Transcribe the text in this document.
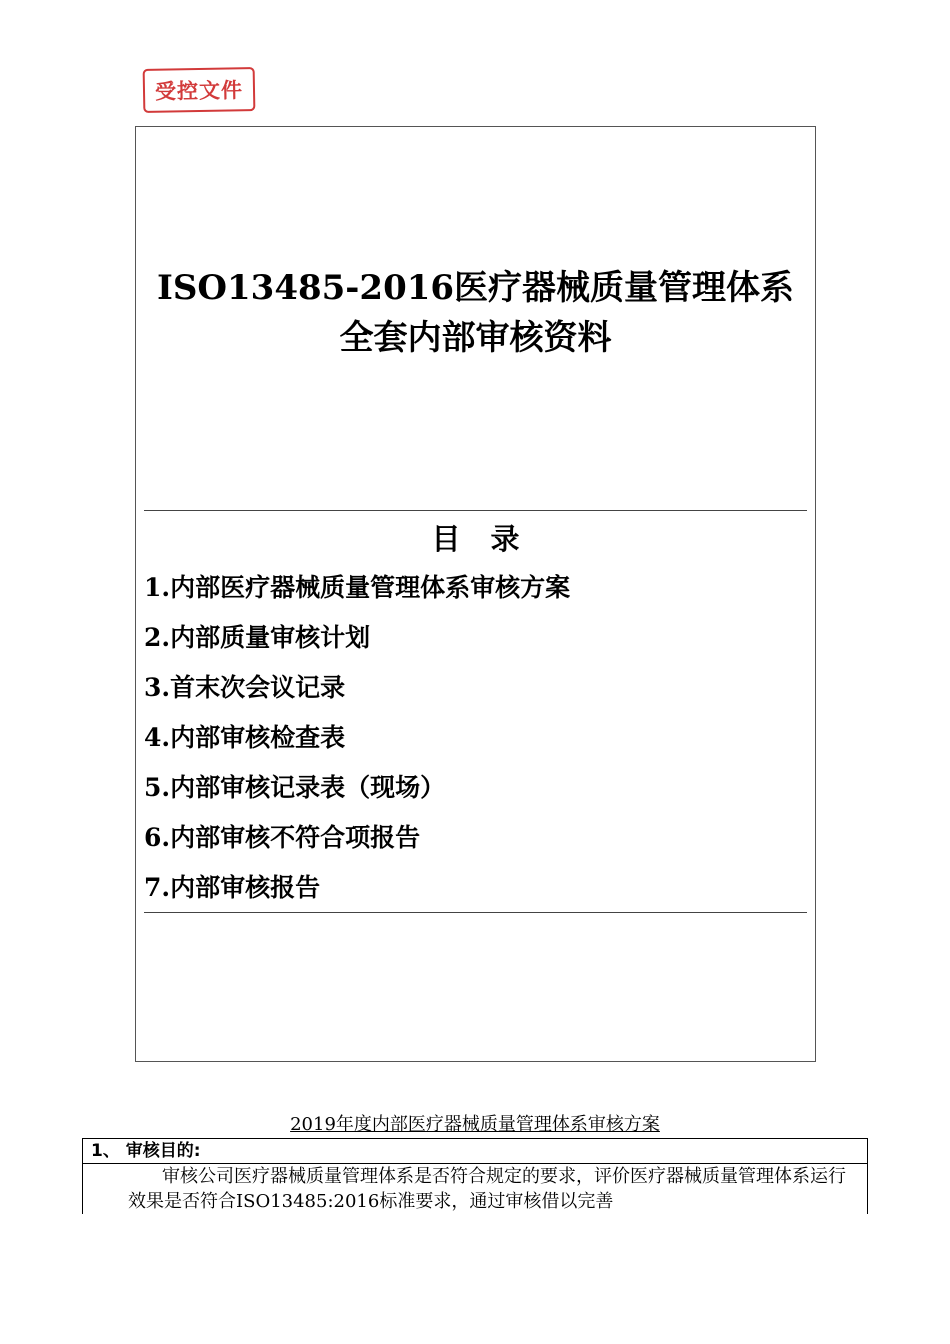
受控文件
ISO13485-2016医疗器械质量管理体系
全套内部审核资料
目录
1.内部医疗器械质量管理体系审核方案
2.内部质量审核计划
3.首末次会议记录
4.内部审核检查表
5.内部审核记录表（现场）
6.内部审核不符合项报告
7.内部审核报告
2019年度内部医疗器械质量管理体系审核方案
1、 审核目的:
审核公司医疗器械质量管理体系是否符合规定的要求，评价医疗器械质量管理体系运行效果是否符合ISO13485:2016标准要求，通过审核借以完善
